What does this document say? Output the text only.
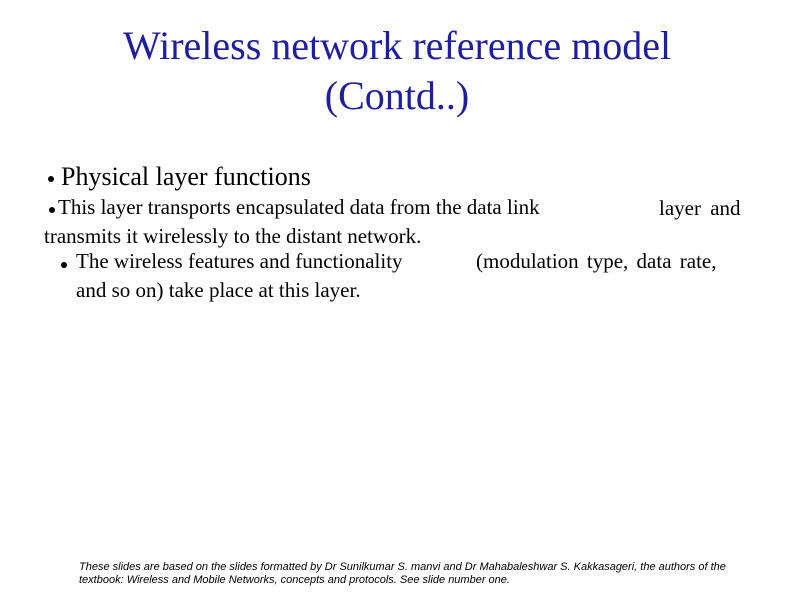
Wireless network reference model
(Contd..)
Physical layer functions
This layer transports encapsulated data from the data link	layer and
transmits it wirelessly to the distant network.
The wireless features and functionality	(modulation type, data rate,
and so on) take place at this layer.
These slides are based on the slides formatted by Dr Sunilkumar S. manvi and Dr Mahabaleshwar S. Kakkasageri, the authors of the textbook: Wireless and Mobile Networks, concepts and protocols. See slide number one.
